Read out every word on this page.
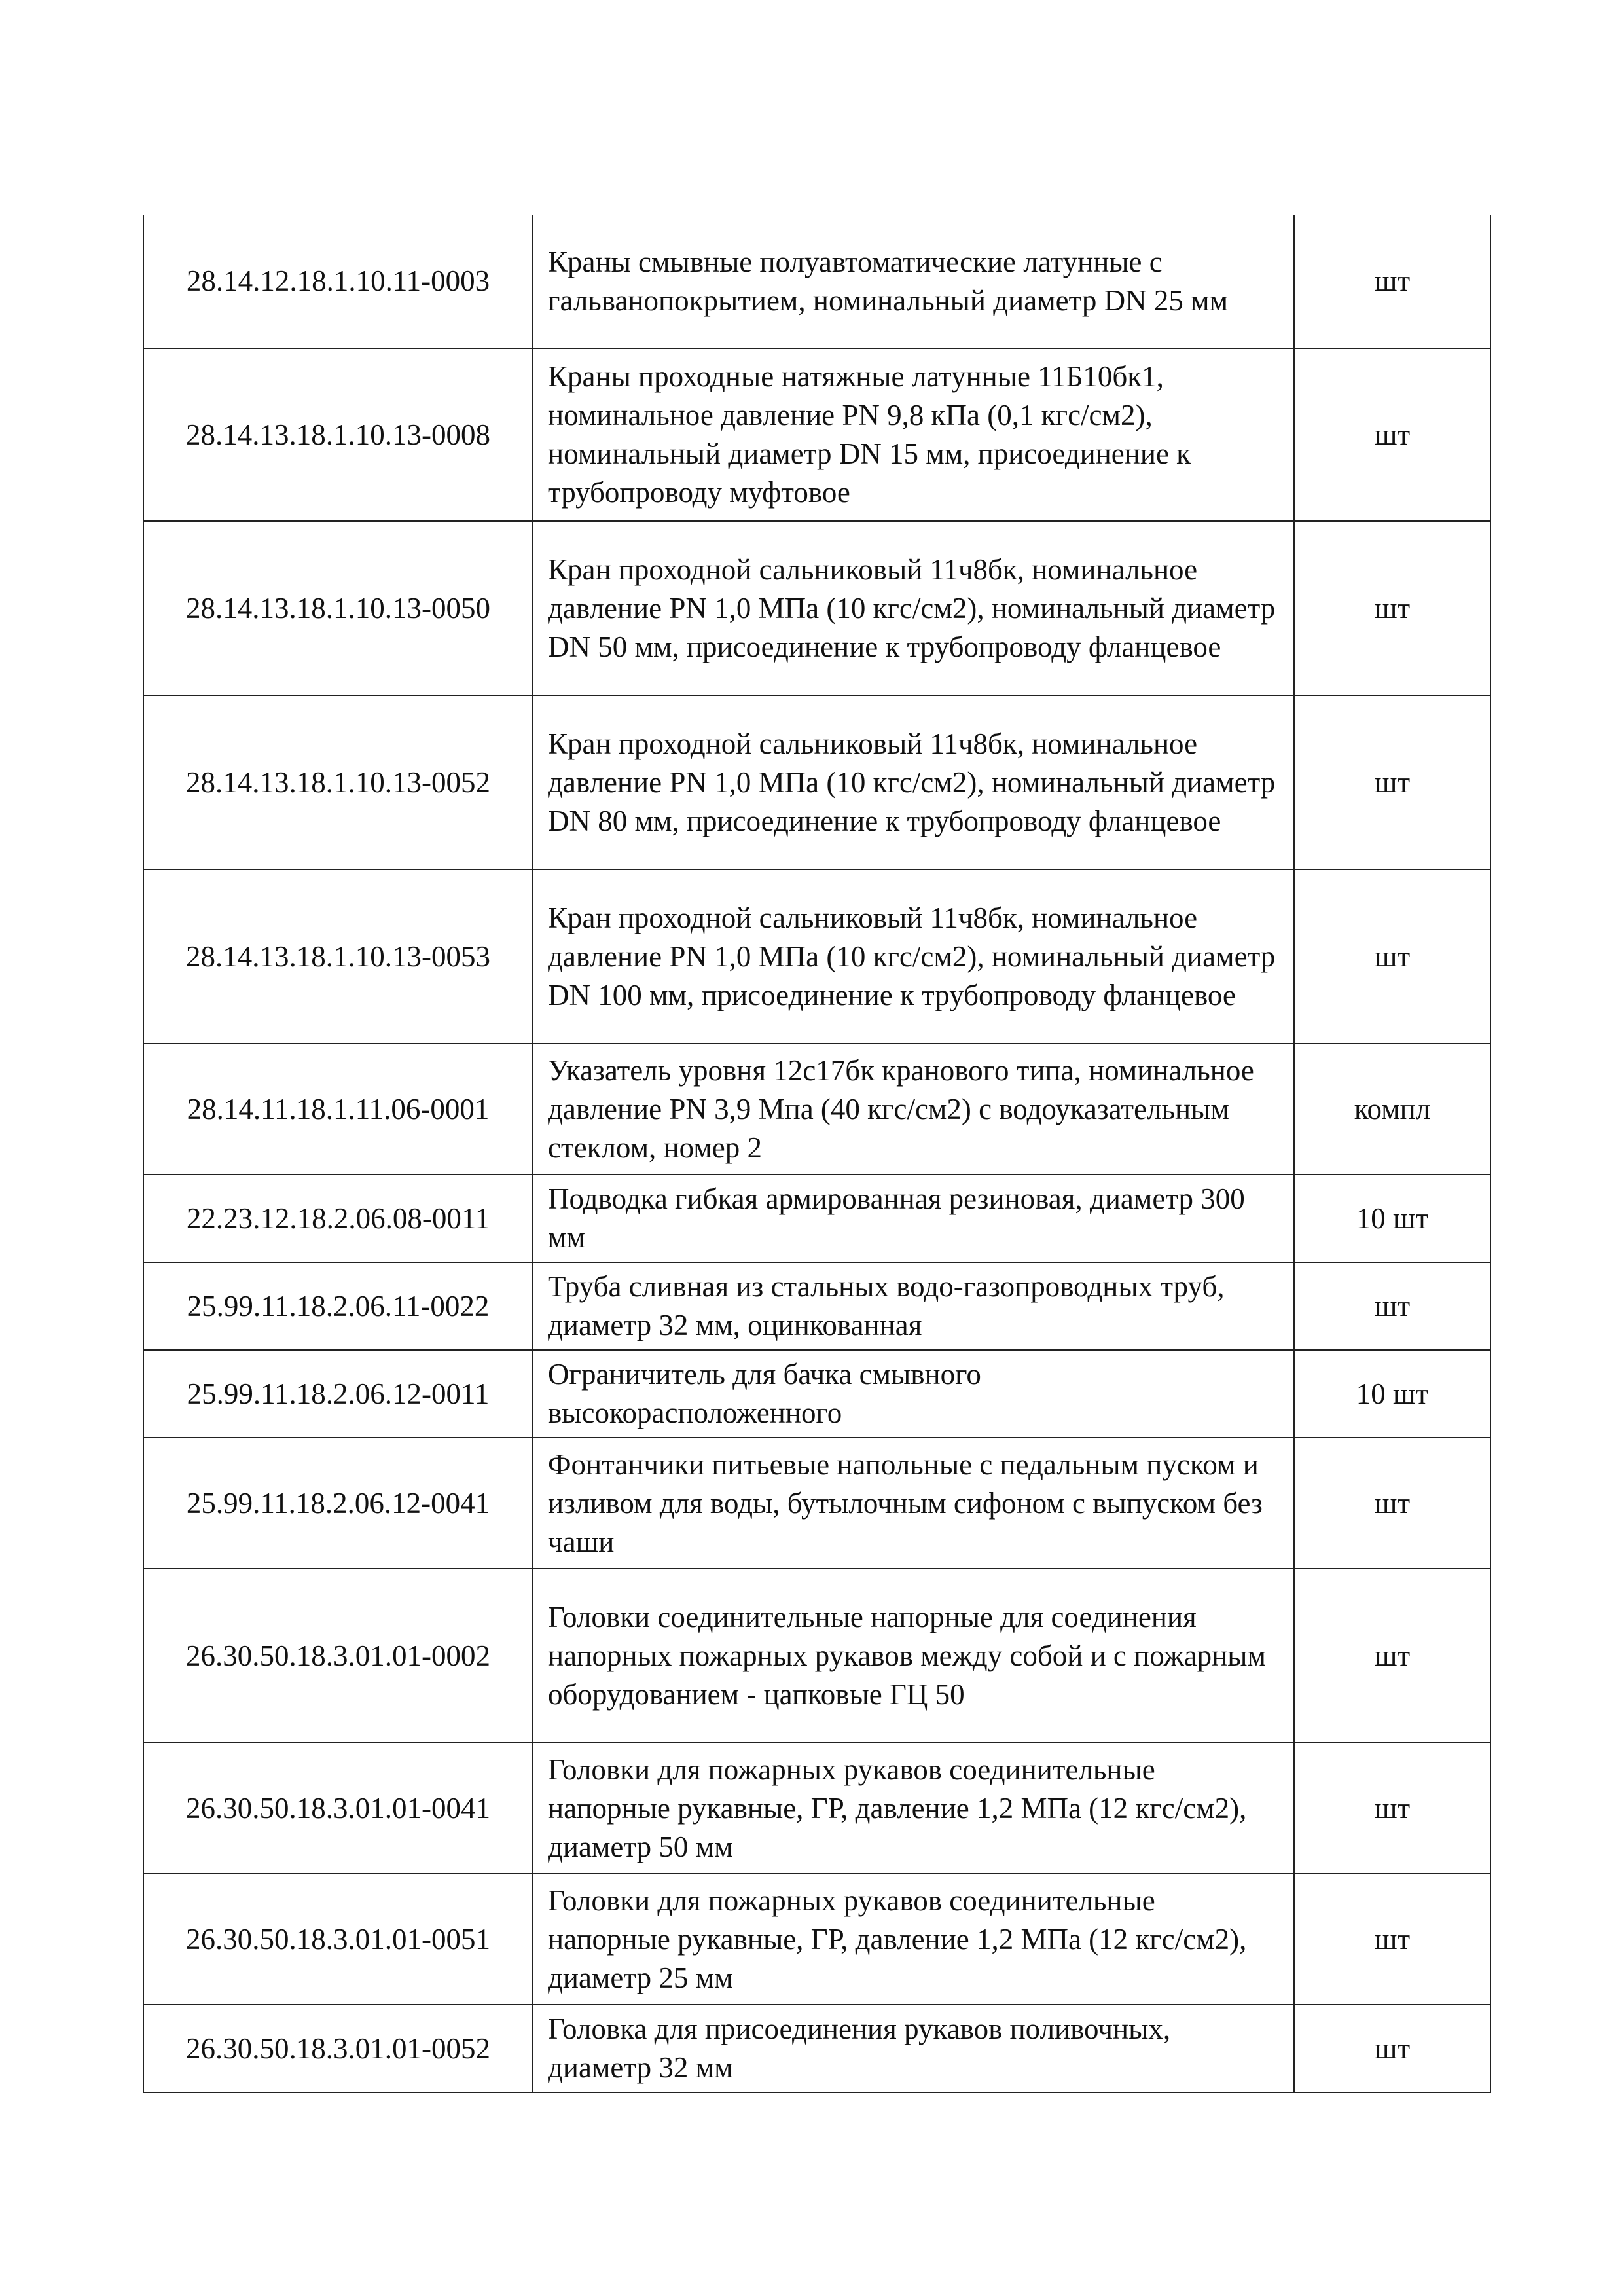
28.14.12.18.1.10.11-0003	Краны смывные полуавтоматические латунные с гальванопокрытием, номинальный диаметр DN 25 мм	шт
28.14.13.18.1.10.13-0008	Краны проходные натяжные латунные 11Б10бк1, номинальное давление PN 9,8 кПа (0,1 кгс/см2), номинальный диаметр DN 15 мм, присоединение к трубопроводу муфтовое	шт
28.14.13.18.1.10.13-0050	Кран проходной сальниковый 11ч8бк, номинальное давление PN 1,0 МПа (10 кгс/см2), номинальный диаметр DN 50 мм, присоединение к трубопроводу фланцевое	шт
28.14.13.18.1.10.13-0052	Кран проходной сальниковый 11ч8бк, номинальное давление PN 1,0 МПа (10 кгс/см2), номинальный диаметр DN 80 мм, присоединение к трубопроводу фланцевое	шт
28.14.13.18.1.10.13-0053	Кран проходной сальниковый 11ч8бк, номинальное давление PN 1,0 МПа (10 кгс/см2), номинальный диаметр DN 100 мм, присоединение к трубопроводу фланцевое	шт
28.14.11.18.1.11.06-0001	Указатель уровня 12с17бк кранового типа, номинальное давление PN 3,9 Мпа (40 кгс/см2) с водоуказательным стеклом, номер 2	компл
22.23.12.18.2.06.08-0011	Подводка гибкая армированная резиновая, диаметр 300 мм	10 шт
25.99.11.18.2.06.11-0022	Труба сливная из стальных водо-газопроводных труб, диаметр 32 мм, оцинкованная	шт
25.99.11.18.2.06.12-0011	Ограничитель для бачка смывного высокорасположенного	10 шт
25.99.11.18.2.06.12-0041	Фонтанчики питьевые напольные с педальным пуском и изливом для воды, бутылочным сифоном с выпуском без чаши	шт
26.30.50.18.3.01.01-0002	Головки соединительные напорные для соединения напорных пожарных рукавов между собой и с пожарным оборудованием - цапковые ГЦ 50	шт
26.30.50.18.3.01.01-0041	Головки для пожарных рукавов соединительные напорные рукавные, ГР, давление 1,2 МПа (12 кгс/см2), диаметр 50 мм	шт
26.30.50.18.3.01.01-0051	Головки для пожарных рукавов соединительные напорные рукавные, ГР, давление 1,2 МПа (12 кгс/см2), диаметр 25 мм	шт
26.30.50.18.3.01.01-0052	Головка для присоединения рукавов поливочных, диаметр 32 мм	шт
